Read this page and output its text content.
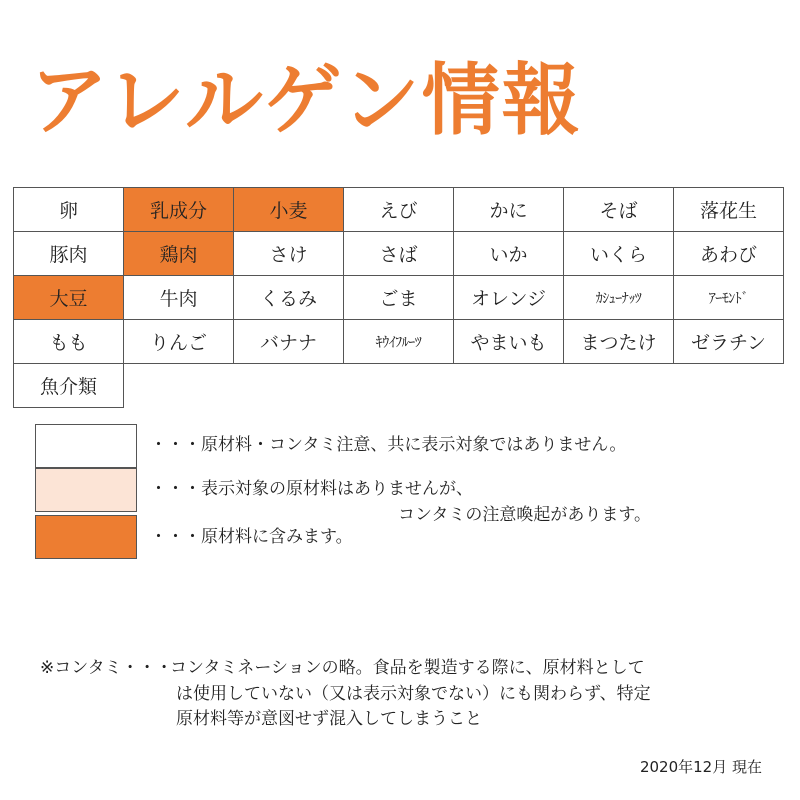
アレルゲン情報
卵	乳成分	小麦	えび	かに	そば	落花生
豚肉	鶏肉	さけ	さば	いか	いくら	あわび
大豆	牛肉	くるみ	ごま	オレンジ	ｶｼｭｰﾅｯﾂ	ｱｰﾓﾝﾄﾞ
もも	りんご	バナナ	ｷｳｲﾌﾙｰﾂ	やまいも	まつたけ	ゼラチン
魚介類						
・・・原材料・コンタミ注意、共に表示対象ではありません。
・・・表示対象の原材料はありませんが、
コンタミの注意喚起があります。
・・・原材料に含みます。
※コンタミ・・・
コンタミネーションの略。食品を製造する際に、原材料として
は使用していない（又は表示対象でない）にも関わらず、特定
原材料等が意図せず混入してしまうこと
2020年12月 現在
